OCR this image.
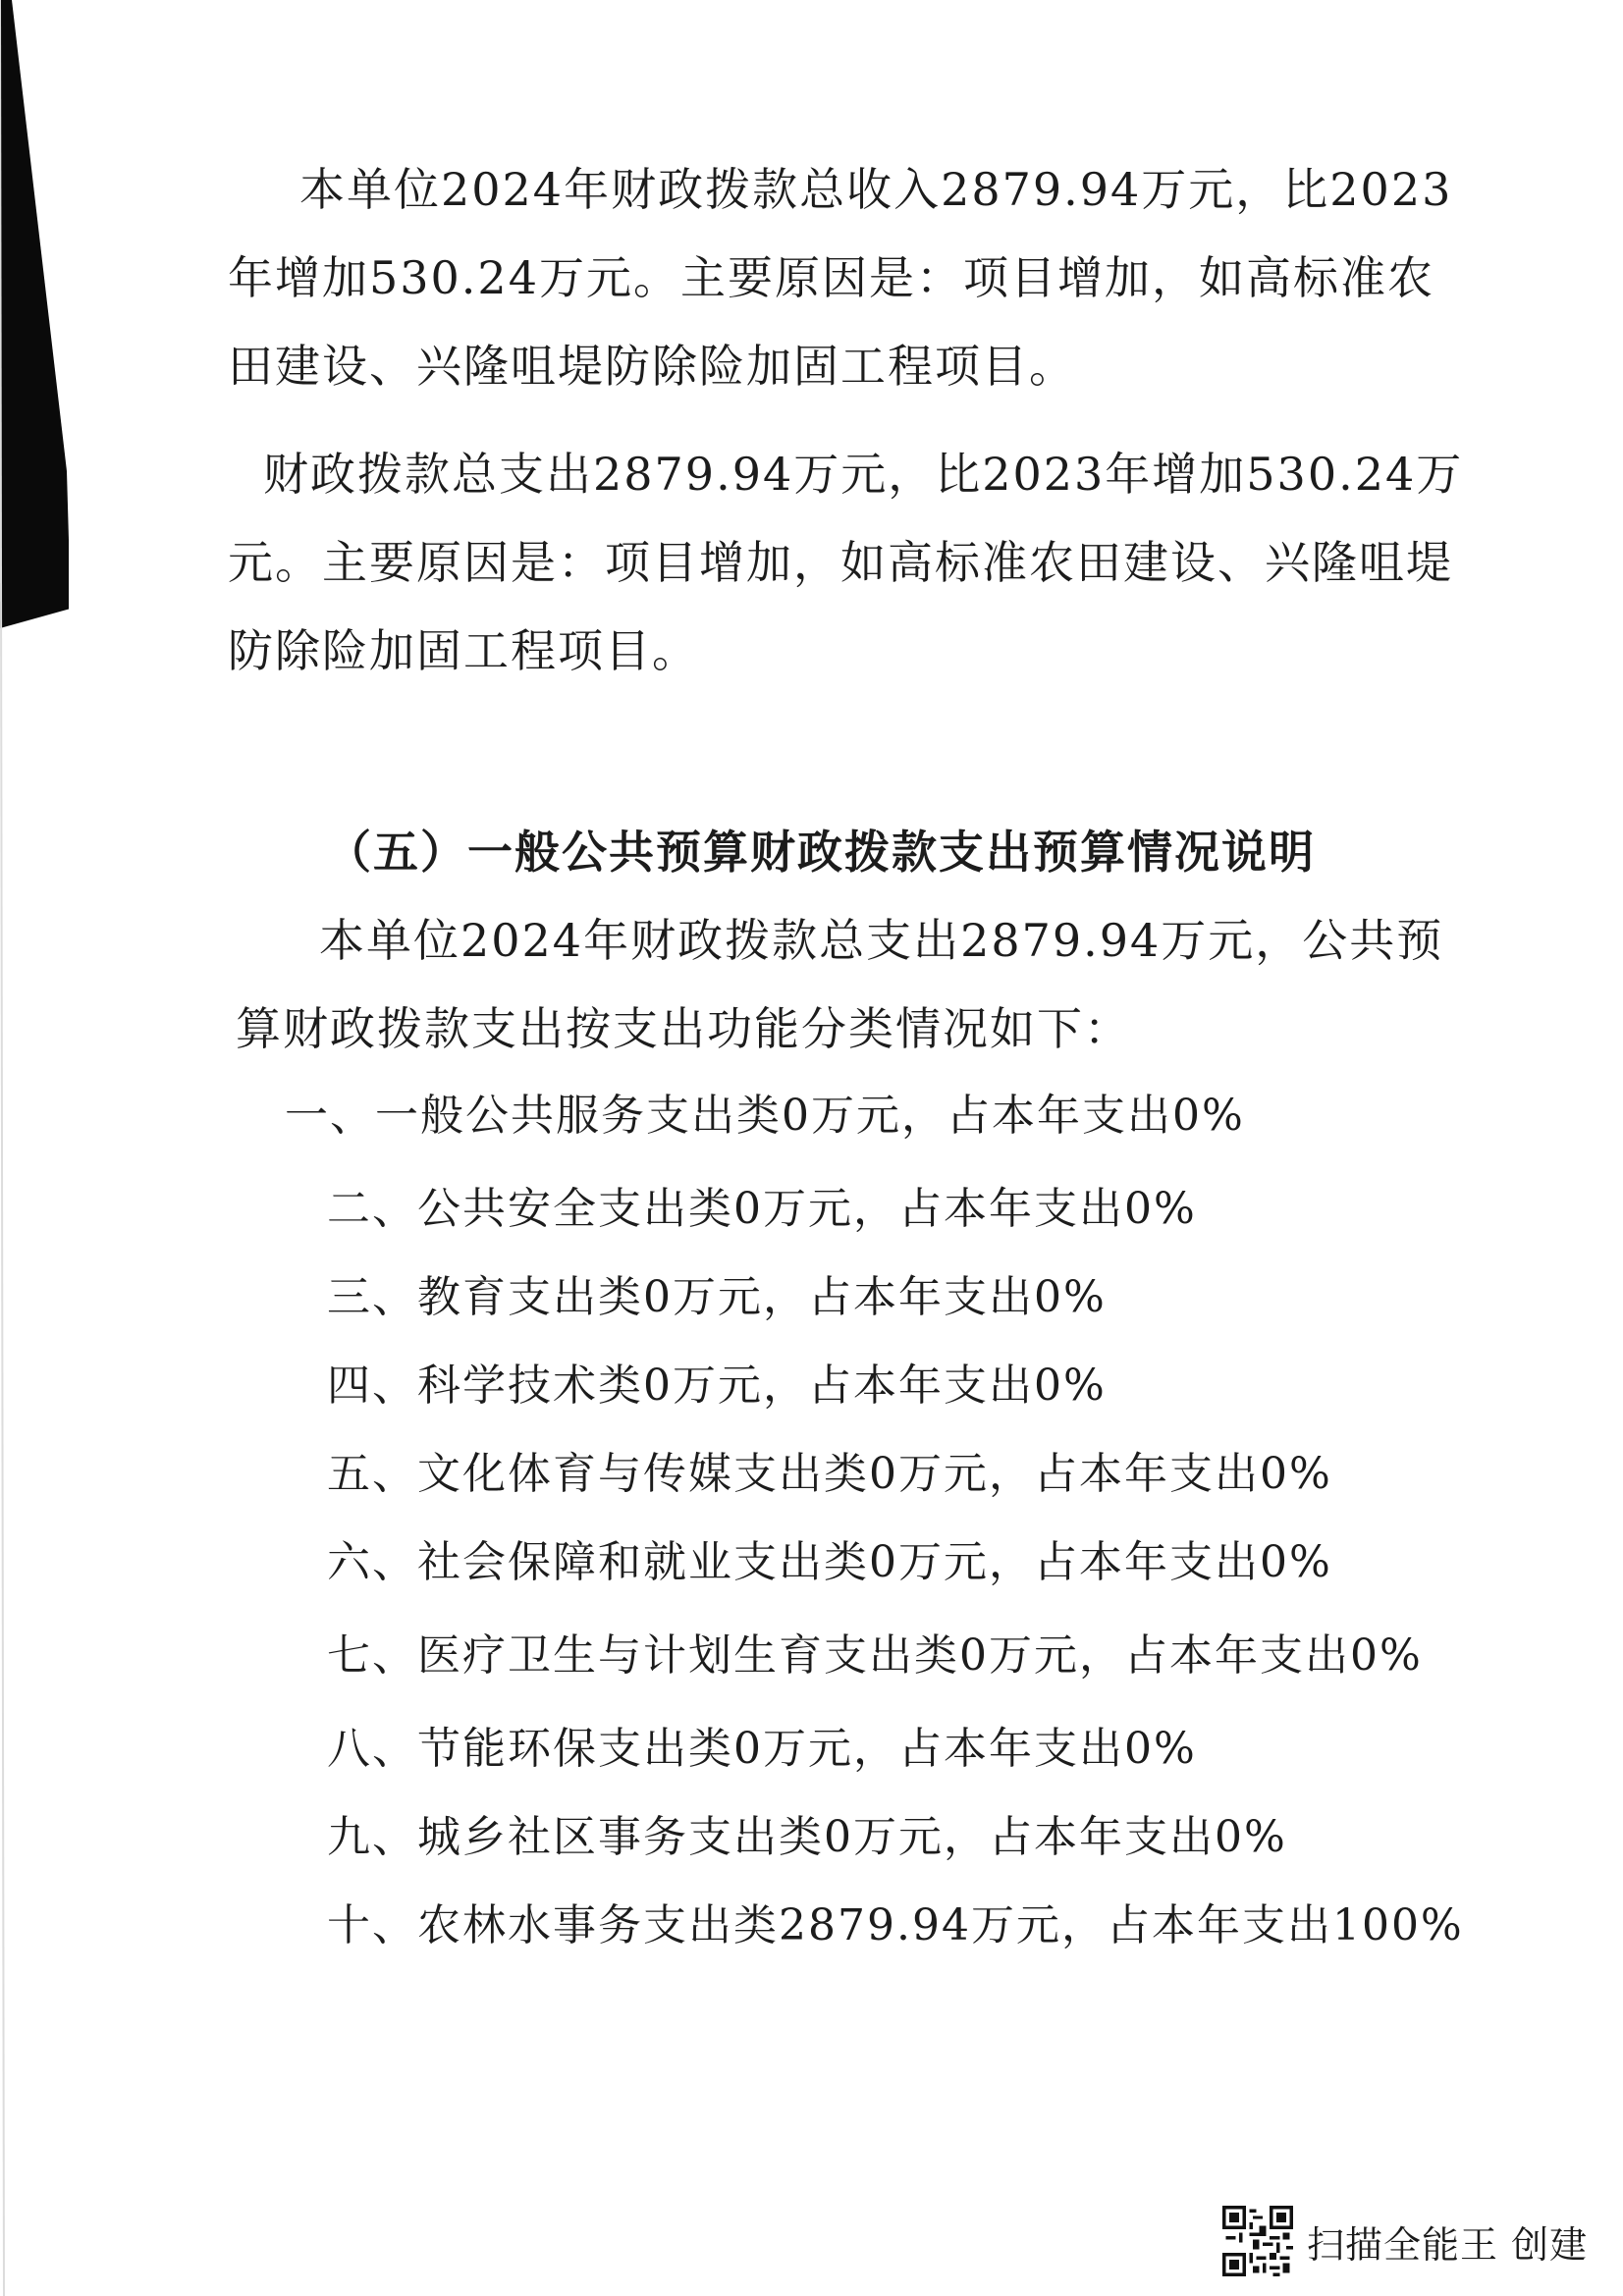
本单位2024年财政拨款总收入2879.94万元，比2023

年增加530.24万元。主要原因是：项目增加，如高标准农

田建设、兴隆咀堤防除险加固工程项目。

财政拨款总支出2879.94万元，比2023年增加530.24万

元。主要原因是：项目增加，如高标准农田建设、兴隆咀堤

防除险加固工程项目。

（五）一般公共预算财政拨款支出预算情况说明

本单位2024年财政拨款总支出2879.94万元，公共预

算财政拨款支出按支出功能分类情况如下：

一、一般公共服务支出类0万元，占本年支出0%

二、公共安全支出类0万元，占本年支出0%

三、教育支出类0万元，占本年支出0%

四、科学技术类0万元，占本年支出0%

五、文化体育与传媒支出类0万元，占本年支出0%

六、社会保障和就业支出类0万元，占本年支出0%

七、医疗卫生与计划生育支出类0万元，占本年支出0%

八、节能环保支出类0万元，占本年支出0%

九、城乡社区事务支出类0万元，占本年支出0%

十、农林水事务支出类2879.94万元，占本年支出100%

扫描全能王 创建
